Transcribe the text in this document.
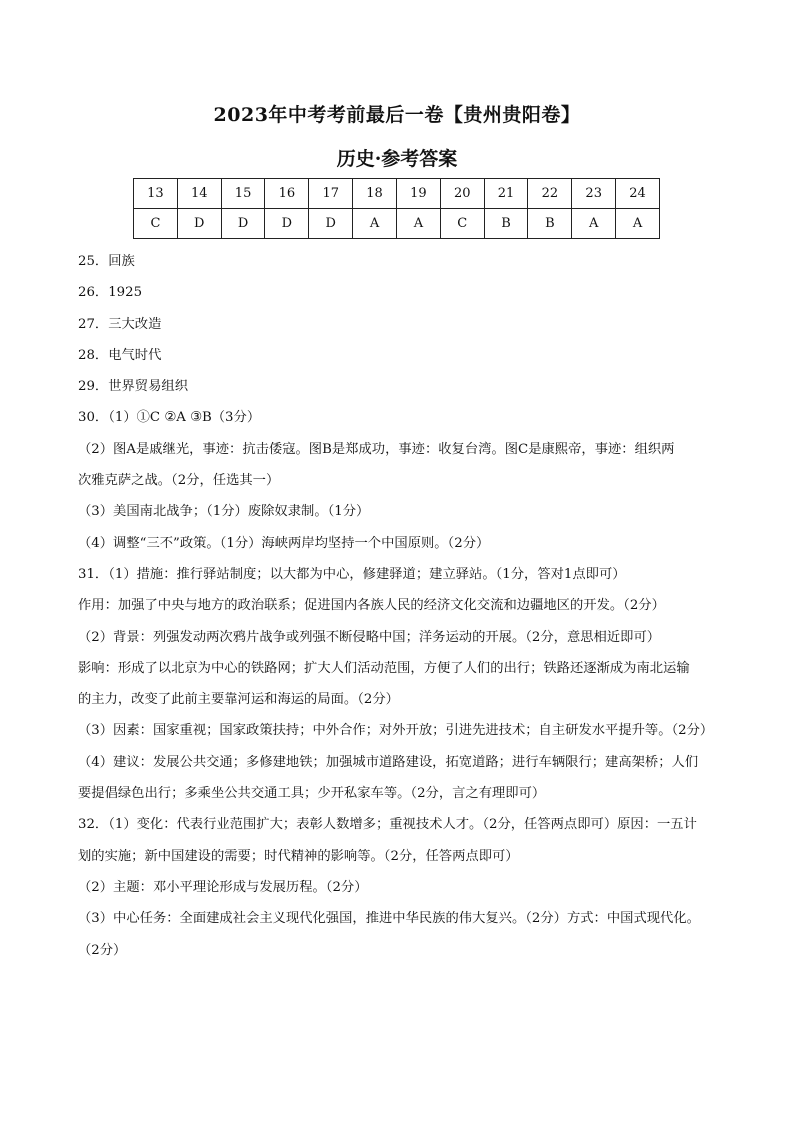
2023年中考考前最后一卷【贵州贵阳卷】
历史·参考答案
13	14	15	16	17	18	19	20	21	22	23	24
C	D	D	D	D	A	A	C	B	B	A	A
25．回族
26．1925
27．三大改造
28．电气时代
29．世界贸易组织
30．（1）①C ②A ③B（3分）
（2）图A是戚继光，事迹：抗击倭寇。图B是郑成功，事迹：收复台湾。图C是康熙帝，事迹：组织两
次雅克萨之战。（2分，任选其一）
（3）美国南北战争；（1分）废除奴隶制。（1分）
（4）调整“三不”政策。（1分）海峡两岸均坚持一个中国原则。（2分）
31．（1）措施：推行驿站制度；以大都为中心，修建驿道；建立驿站。（1分，答对1点即可）
作用：加强了中央与地方的政治联系；促进国内各族人民的经济文化交流和边疆地区的开发。（2分）
（2）背景：列强发动两次鸦片战争或列强不断侵略中国；洋务运动的开展。（2分，意思相近即可）
影响：形成了以北京为中心的铁路网；扩大人们活动范围，方便了人们的出行；铁路还逐渐成为南北运输
的主力，改变了此前主要靠河运和海运的局面。（2分）
（3）因素：国家重视；国家政策扶持；中外合作；对外开放；引进先进技术；自主研发水平提升等。（2分）
（4）建议：发展公共交通；多修建地铁；加强城市道路建设，拓宽道路；进行车辆限行；建高架桥；人们
要提倡绿色出行；多乘坐公共交通工具；少开私家车等。（2分，言之有理即可）
32．（1）变化：代表行业范围扩大；表彰人数增多；重视技术人才。（2分，任答两点即可）原因：一五计
划的实施；新中国建设的需要；时代精神的影响等。（2分，任答两点即可）
（2）主题：邓小平理论形成与发展历程。（2分）
（3）中心任务：全面建成社会主义现代化强国，推进中华民族的伟大复兴。（2分）方式：中国式现代化。
（2分）
